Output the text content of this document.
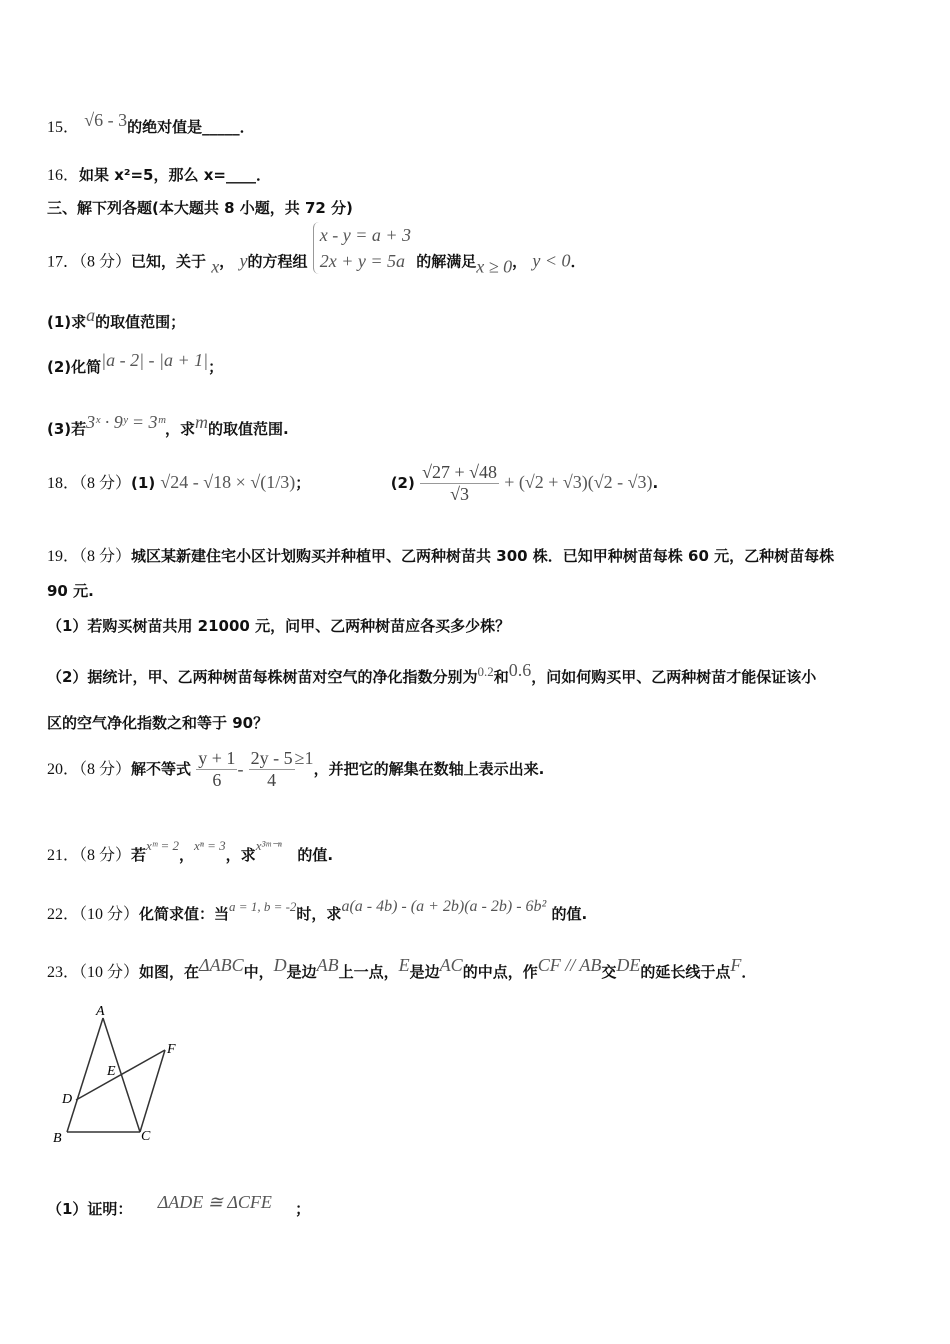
15． √6 - 3的绝对值是_____．
16．如果 x²=5，那么 x=____．
三、解下列各题(本大题共 8 小题，共 72 分)
17．（8 分）已知，关于 x， y的方程组
x - y = a + 3
2x + y = 5a 的解满足x ≥ 0， y < 0．
(1)求a的取值范围；
(2)化简|a - 2| - |a + 1|；
(3)若3ˣ · 9ʸ = 3ᵐ，求m的取值范围.
18．（8 分）(1) √24 - √18 × √(1/3)；	$(2) \frac{√27 + √48}{√3} + (√2 + √3)(√2 - √3)$.
19．（8 分）城区某新建住宅小区计划购买并种植甲、乙两种树苗共 300 株．已知甲种树苗每株 60 元，乙种树苗每株
90 元.
（1）若购买树苗共用 21000 元，问甲、乙两种树苗应各买多少株？
（2）据统计，甲、乙两种树苗每株树苗对空气的净化指数分别为0.2和0.6，问如何购买甲、乙两种树苗才能保证该小
区的空气净化指数之和等于 90？
20．（8 分）解不等式 $\frac{y + 1}{6} - \frac{2y - 5}{4} \ge 1$，并把它的解集在数轴上表示出来.
21．（8 分）若xᵐ = 2，xⁿ = 3，求x³ᵐ⁻ⁿ   的值.
22．（10 分）化简求值：当a = 1, b = -2时，求a(a - 4b) - (a + 2b)(a - 2b) - 6b² 的值.
23．（10 分）如图，在ΔABC中，D是边AB上一点，E是边AC的中点，作CF // AB交DE的延长线于点F．
A
B	C
D
E
F
（1）证明： ΔADE ≅ ΔCFE ；
